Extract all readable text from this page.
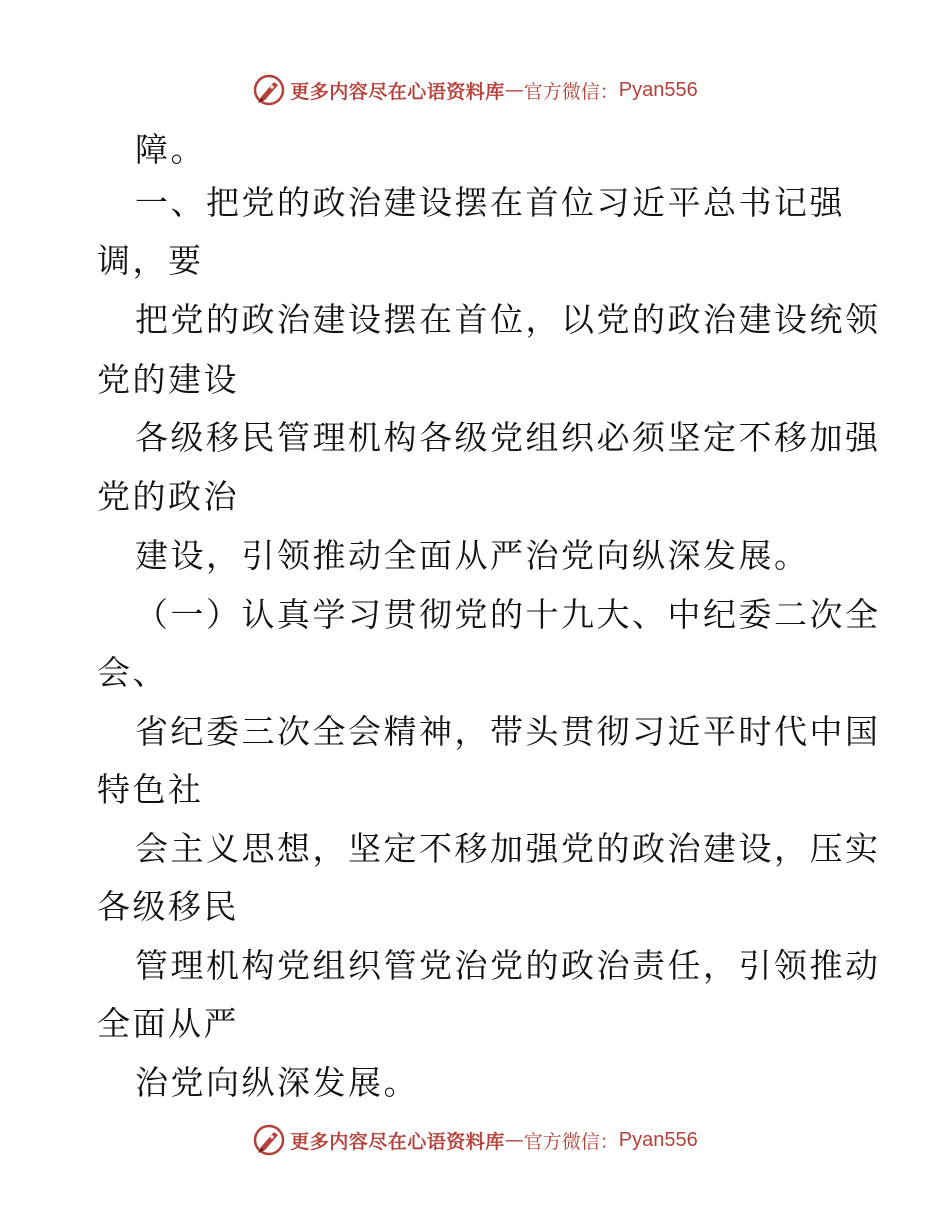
更多内容尽在心语资料库 — 官方微信： Pyan556
障。
一、把党的政治建设摆在首位习近平总书记强
调，要
把党的政治建设摆在首位，以党的政治建设统领
党的建设
各级移民管理机构各级党组织必须坚定不移加强
党的政治
建设，引领推动全面从严治党向纵深发展。
（一）认真学习贯彻党的十九大、中纪委二次全
会、
省纪委三次全会精神，带头贯彻习近平时代中国
特色社
会主义思想，坚定不移加强党的政治建设，压实
各级移民
管理机构党组织管党治党的政治责任，引领推动
全面从严
治党向纵深发展。
更多内容尽在心语资料库 — 官方微信： Pyan556
